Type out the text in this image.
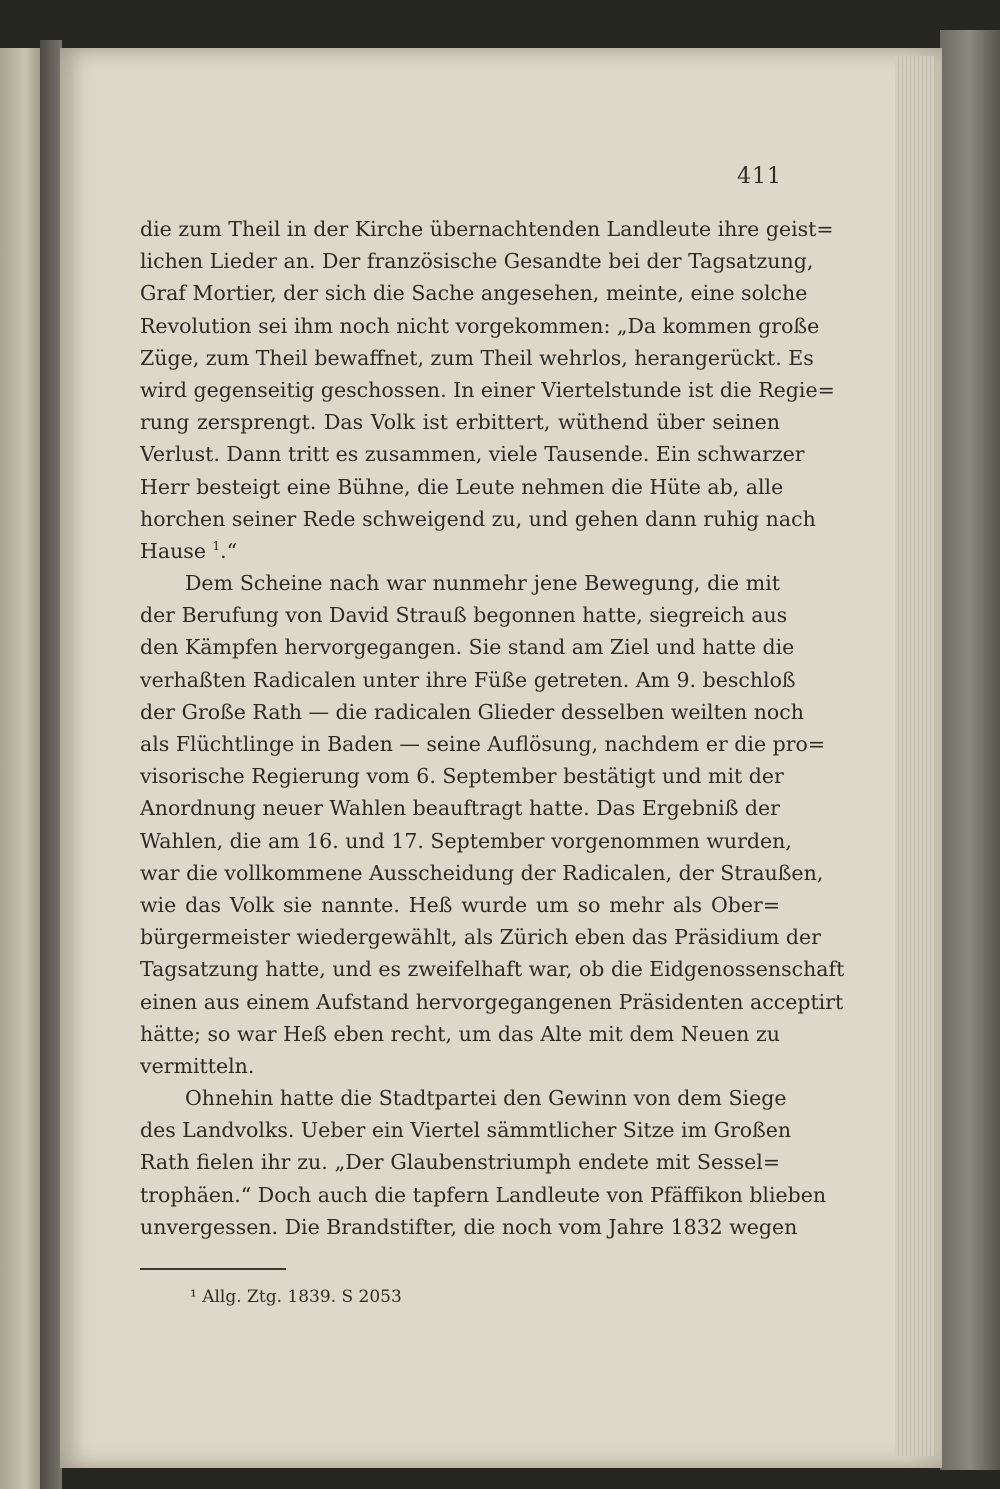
411
die zum Theil in der Kirche übernachtenden Landleute ihre geist=
lichen Lieder an. Der französische Gesandte bei der Tagsatzung,
Graf Mortier, der sich die Sache angesehen, meinte, eine solche
Revolution sei ihm noch nicht vorgekommen: „Da kommen große
Züge, zum Theil bewaffnet, zum Theil wehrlos, herangerückt. Es
wird gegenseitig geschossen. In einer Viertelstunde ist die Regie=
rung zersprengt. Das Volk ist erbittert, wüthend über seinen
Verlust. Dann tritt es zusammen, viele Tausende. Ein schwarzer
Herr besteigt eine Bühne, die Leute nehmen die Hüte ab, alle
horchen seiner Rede schweigend zu, und gehen dann ruhig nach
Hause $^1$.“
Dem Scheine nach war nunmehr jene Bewegung, die mit
der Berufung von David Strauß begonnen hatte, siegreich aus
den Kämpfen hervorgegangen. Sie stand am Ziel und hatte die
verhaßten Radicalen unter ihre Füße getreten. Am 9. beschloß
der Große Rath — die radicalen Glieder desselben weilten noch
als Flüchtlinge in Baden — seine Auflösung, nachdem er die pro=
visorische Regierung vom 6. September bestätigt und mit der
Anordnung neuer Wahlen beauftragt hatte. Das Ergebniß der
Wahlen, die am 16. und 17. September vorgenommen wurden,
war die vollkommene Ausscheidung der Radicalen, der Straußen,
wie das Volk sie nannte. Heß wurde um so mehr als Ober=
bürgermeister wiedergewählt, als Zürich eben das Präsidium der
Tagsatzung hatte, und es zweifelhaft war, ob die Eidgenossenschaft
einen aus einem Aufstand hervorgegangenen Präsidenten acceptirt
hätte; so war Heß eben recht, um das Alte mit dem Neuen zu
vermitteln.
Ohnehin hatte die Stadtpartei den Gewinn von dem Siege
des Landvolks. Ueber ein Viertel sämmtlicher Sitze im Großen
Rath fielen ihr zu. „Der Glaubenstriumph endete mit Sessel=
trophäen.“ Doch auch die tapfern Landleute von Pfäffikon blieben
unvergessen. Die Brandstifter, die noch vom Jahre 1832 wegen
¹ Allg. Ztg. 1839. S 2053
